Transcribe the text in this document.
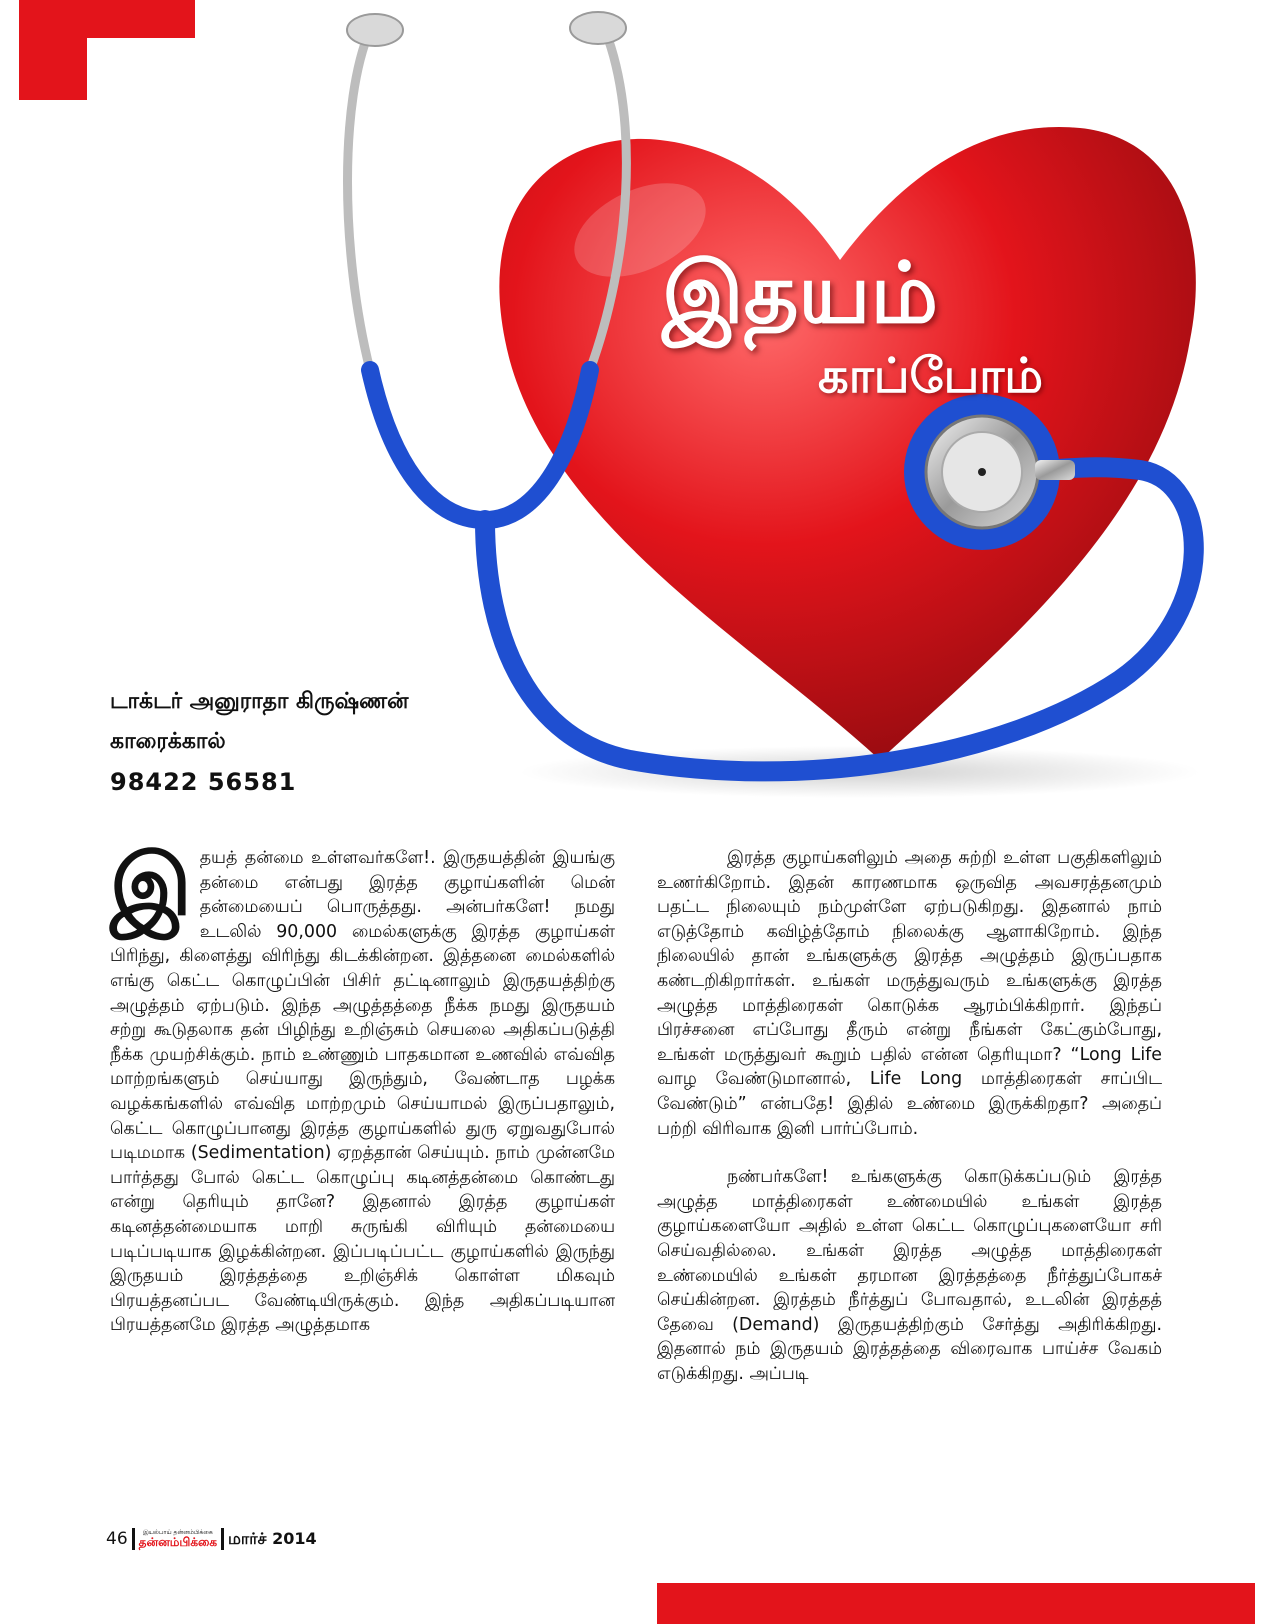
இதயம்
காப்போம்
டாக்டர் அனுராதா கிருஷ்ணன்
காரைக்கால்
98422 56581
இ தயத் தன்மை உள்ளவர்களே!. இருதயத்தின் இயங்கு தன்மை என்பது இரத்த குழாய்களின் மென் தன்மையைப் பொருத்தது. அன்பர்களே! நமது உடலில் 90,000 மைல்களுக்கு இரத்த குழாய்கள் பிரிந்து, கிளைத்து விரிந்து கிடக்கின்றன. இத்தனை மைல்களில் எங்கு கெட்ட கொழுப்பின் பிசிர் தட்டினாலும் இருதயத்திற்கு அழுத்தம் ஏற்படும். இந்த அழுத்தத்தை நீக்க நமது இருதயம் சற்று கூடுதலாக தன் பிழிந்து உறிஞ்சும் செயலை அதிகப்படுத்தி நீக்க முயற்சிக்கும். நாம் உண்ணும் பாதகமான உணவில் எவ்வித மாற்றங்களும் செய்யாது இருந்தும், வேண்டாத பழக்க வழக்கங்களில் எவ்வித மாற்றமும் செய்யாமல் இருப்பதாலும், கெட்ட கொழுப்பானது இரத்த குழாய்களில் துரு ஏறுவதுபோல் படிமமாக (Sedimentation) ஏறத்தான் செய்யும். நாம் முன்னமே பார்த்தது போல் கெட்ட கொழுப்பு கடினத்தன்மை கொண்டது என்று தெரியும் தானே? இதனால் இரத்த குழாய்கள் கடினத்தன்மையாக மாறி சுருங்கி விரியும் தன்மையை படிப்படியாக இழக்கின்றன. இப்படிப்பட்ட குழாய்களில் இருந்து இருதயம் இரத்தத்தை உறிஞ்சிக் கொள்ள மிகவும் பிரயத்தனப்பட வேண்டியிருக்கும். இந்த அதிகப்படியான பிரயத்தனமே இரத்த அழுத்தமாக

இரத்த குழாய்களிலும் அதை சுற்றி உள்ள பகுதிகளிலும் உணர்கிறோம். இதன் காரணமாக ஒருவித அவசரத்தனமும் பதட்ட நிலையும் நம்முள்ளே ஏற்படுகிறது. இதனால் நாம் எடுத்தோம் கவிழ்த்தோம் நிலைக்கு ஆளாகிறோம். இந்த நிலையில் தான் உங்களுக்கு இரத்த அழுத்தம் இருப்பதாக கண்டறிகிறார்கள். உங்கள் மருத்துவரும் உங்களுக்கு இரத்த அழுத்த மாத்திரைகள் கொடுக்க ஆரம்பிக்கிறார். இந்தப் பிரச்சனை எப்போது தீரும் என்று நீங்கள் கேட்கும்போது, உங்கள் மருத்துவர் கூறும் பதில் என்ன தெரியுமா? “Long Life வாழ வேண்டுமானால், Life Long மாத்திரைகள் சாப்பிட வேண்டும்” என்பதே! இதில் உண்மை இருக்கிறதா? அதைப் பற்றி விரிவாக இனி பார்ப்போம்.

நண்பர்களே! உங்களுக்கு கொடுக்கப்படும் இரத்த அழுத்த மாத்திரைகள் உண்மையில் உங்கள் இரத்த குழாய்களையோ அதில் உள்ள கெட்ட கொழுப்புகளையோ சரி செய்வதில்லை. உங்கள் இரத்த அழுத்த மாத்திரைகள் உண்மையில் உங்கள் தரமான இரத்தத்தை நீர்த்துப்போகச் செய்கின்றன. இரத்தம் நீர்த்துப் போவதால், உடலின் இரத்தத் தேவை (Demand) இருதயத்திற்கும் சேர்த்து அதிரிக்கிறது. இதனால் நம் இருதயம் இரத்தத்தை விரைவாக பாய்ச்ச வேகம் எடுக்கிறது. அப்படி

46	இயல்பாய் தன்னம்பிக்கை
தன்னம்பிக்கை மார்ச் 2014
